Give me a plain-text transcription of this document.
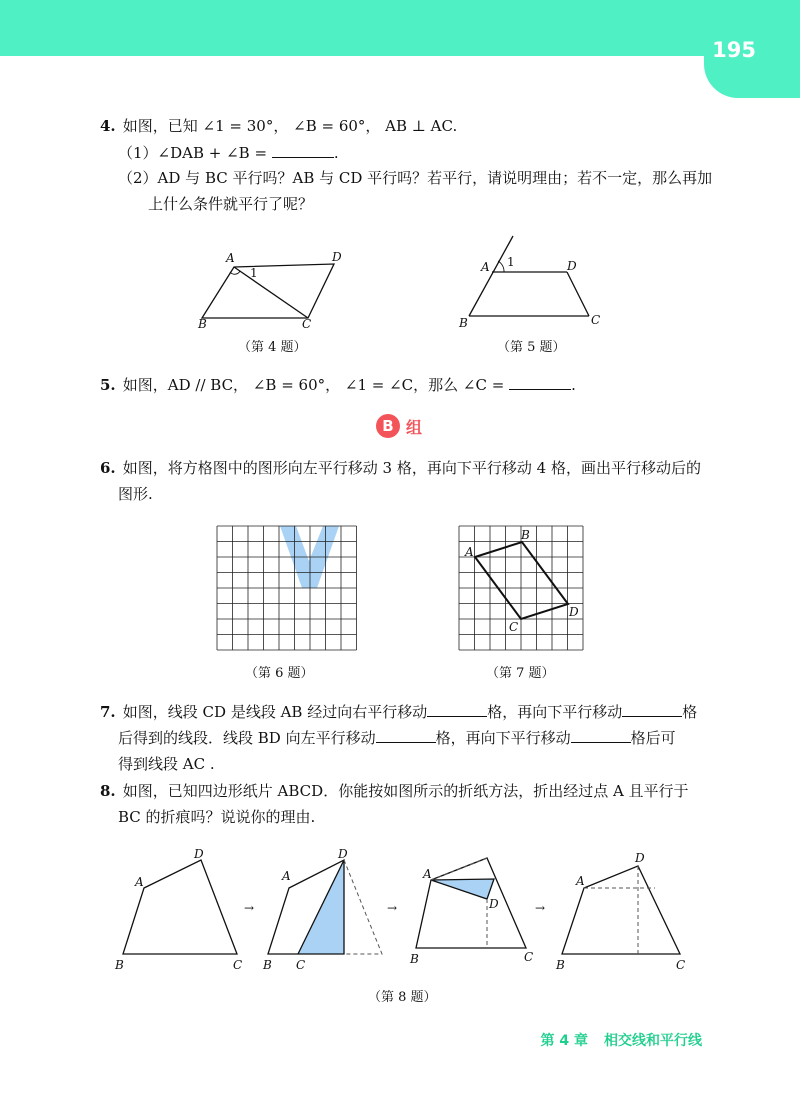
195
4. 如图，已知 ∠1 = 30°， ∠B = 60°， AB ⊥ AC.
（1）∠DAB + ∠B =	.
（2）AD 与 BC 平行吗？AB 与 CD 平行吗？若平行，请说明理由；若不一定，那么再加
上什么条件就平行了呢？
A	D
B	C
1
（第 4 题）
A	D
B	C
1
（第 5 题）
5. 如图，AD // BC， ∠B = 60°， ∠1 = ∠C，那么 ∠C =	.
B 组
6. 如图，将方格图中的图形向左平行移动 3 格，再向下平行移动 4 格，画出平行移动后的
图形.
（第 6 题）
A
B
D
C
（第 7 题）
7. 如图，线段 CD 是线段 AB 经过向右平行移动	格，再向下平行移动	格
后得到的线段．线段 BD 向左平行移动	格，再向下平行移动	格后可
得到线段 AC .
8. 如图，已知四边形纸片 ABCD．你能按如图所示的折纸方法，折出经过点 A 且平行于
BC 的折痕吗？说说你的理由.
A
D
B	C
→
A
D
B C
→
A
D
B	C
→
A
D
B	C
（第 8 题）
第 4 章 相交线和平行线
